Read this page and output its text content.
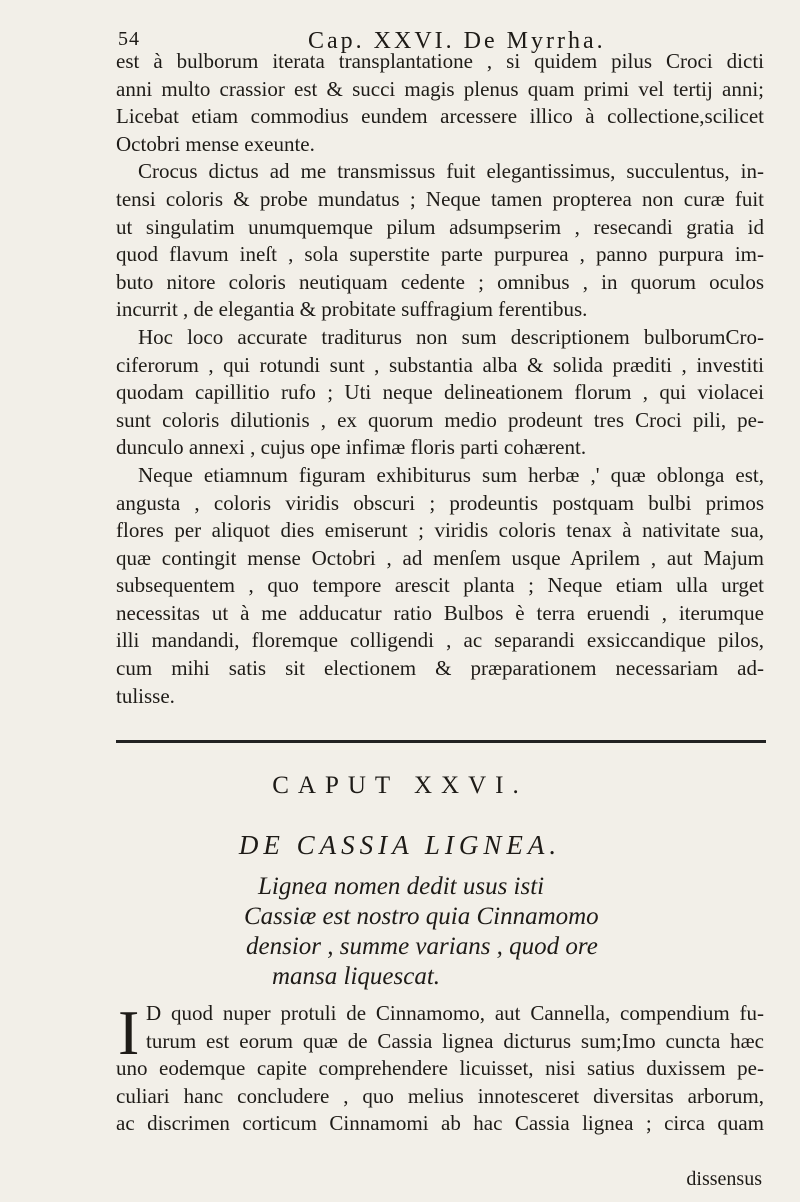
54	Cap. XXVI. De Myrrha.
est à bulborum iterata transplantatione , si quidem pilus Croci dicti
anni multo crassior est & succi magis plenus quam primi vel tertij anni;
Licebat etiam commodius eundem arcessere illico à collectione,scilicet
Octobri mense exeunte.
Crocus dictus ad me transmissus fuit elegantissimus, succulentus, in-
tensi coloris & probe mundatus ; Neque tamen propterea non curæ fuit
ut singulatim unumquemque pilum adsumpserim , resecandi gratia id
quod flavum ineſt , sola superstite parte purpurea , panno purpura im-
buto nitore coloris neutiquam cedente ; omnibus , in quorum oculos
incurrit , de elegantia & probitate suffragium ferentibus.
Hoc loco accurate traditurus non sum descriptionem bulborumCro-
ciferorum , qui rotundi sunt , substantia alba & solida præditi , investiti
quodam capillitio rufo ; Uti neque delineationem florum , qui violacei
sunt coloris dilutionis , ex quorum medio prodeunt tres Croci pili, pe-
dunculo annexi , cujus ope infimæ floris parti cohærent.
Neque etiamnum figuram exhibiturus sum herbæ ,' quæ oblonga est,
angusta , coloris viridis obscuri ; prodeuntis postquam bulbi primos
flores per aliquot dies emiserunt ; viridis coloris tenax à nativitate sua,
quæ contingit mense Octobri , ad menſem usque Aprilem , aut Majum
subsequentem , quo tempore arescit planta ; Neque etiam ulla urget
necessitas ut à me adducatur ratio Bulbos è terra eruendi , iterumque
illi mandandi, floremque colligendi , ac separandi exsiccandique pilos,
cum mihi satis sit electionem & præparationem necessariam ad-
tulisse.
CAPUT XXVI.
DE CASSIA LIGNEA.
Lignea nomen dedit usus isti
Cassiæ est nostro quia Cinnamomo
densior , summe varians , quod ore
mansa liquescat.
I D quod nuper protuli de Cinnamomo, aut Cannella, compendium fu-
turum est eorum quæ de Cassia lignea dicturus sum;Imo cuncta hæc
uno eodemque capite comprehendere licuisset, nisi satius duxissem pe-
culiari hanc concludere , quo melius innotesceret diversitas arborum,
ac discrimen corticum Cinnamomi ab hac Cassia lignea ; circa quam
dissensus
